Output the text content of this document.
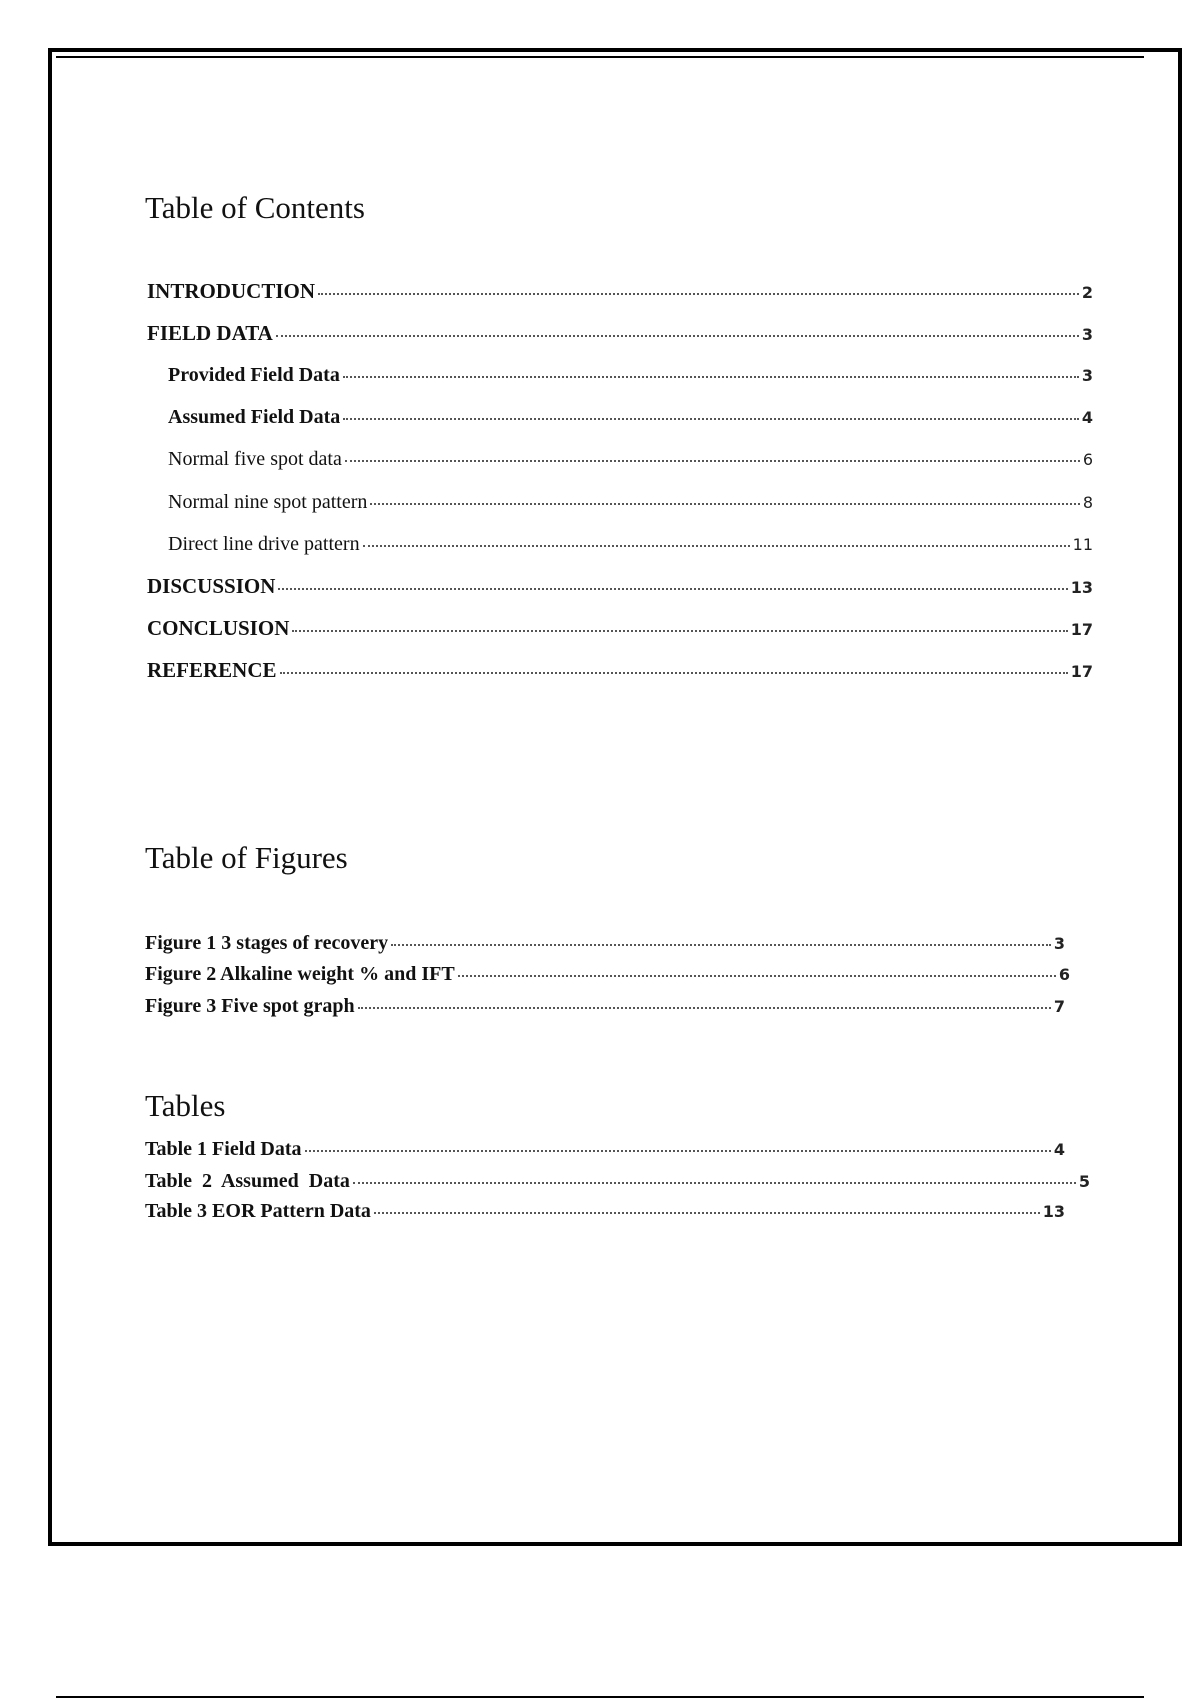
Table of Contents
INTRODUCTION	2
FIELD DATA	3
Provided Field Data	3
Assumed Field Data	4
Normal five spot data	6
Normal nine spot pattern	8
Direct line drive pattern	11
DISCUSSION	13
CONCLUSION	17
REFERENCE	17
Table of Figures
Figure 1 3 stages of recovery	3
Figure 2 Alkaline weight % and IFT	6
Figure 3 Five spot graph	7
Tables
Table 1 Field Data	4
Table  2  Assumed  Data	5
Table 3 EOR Pattern Data	13
